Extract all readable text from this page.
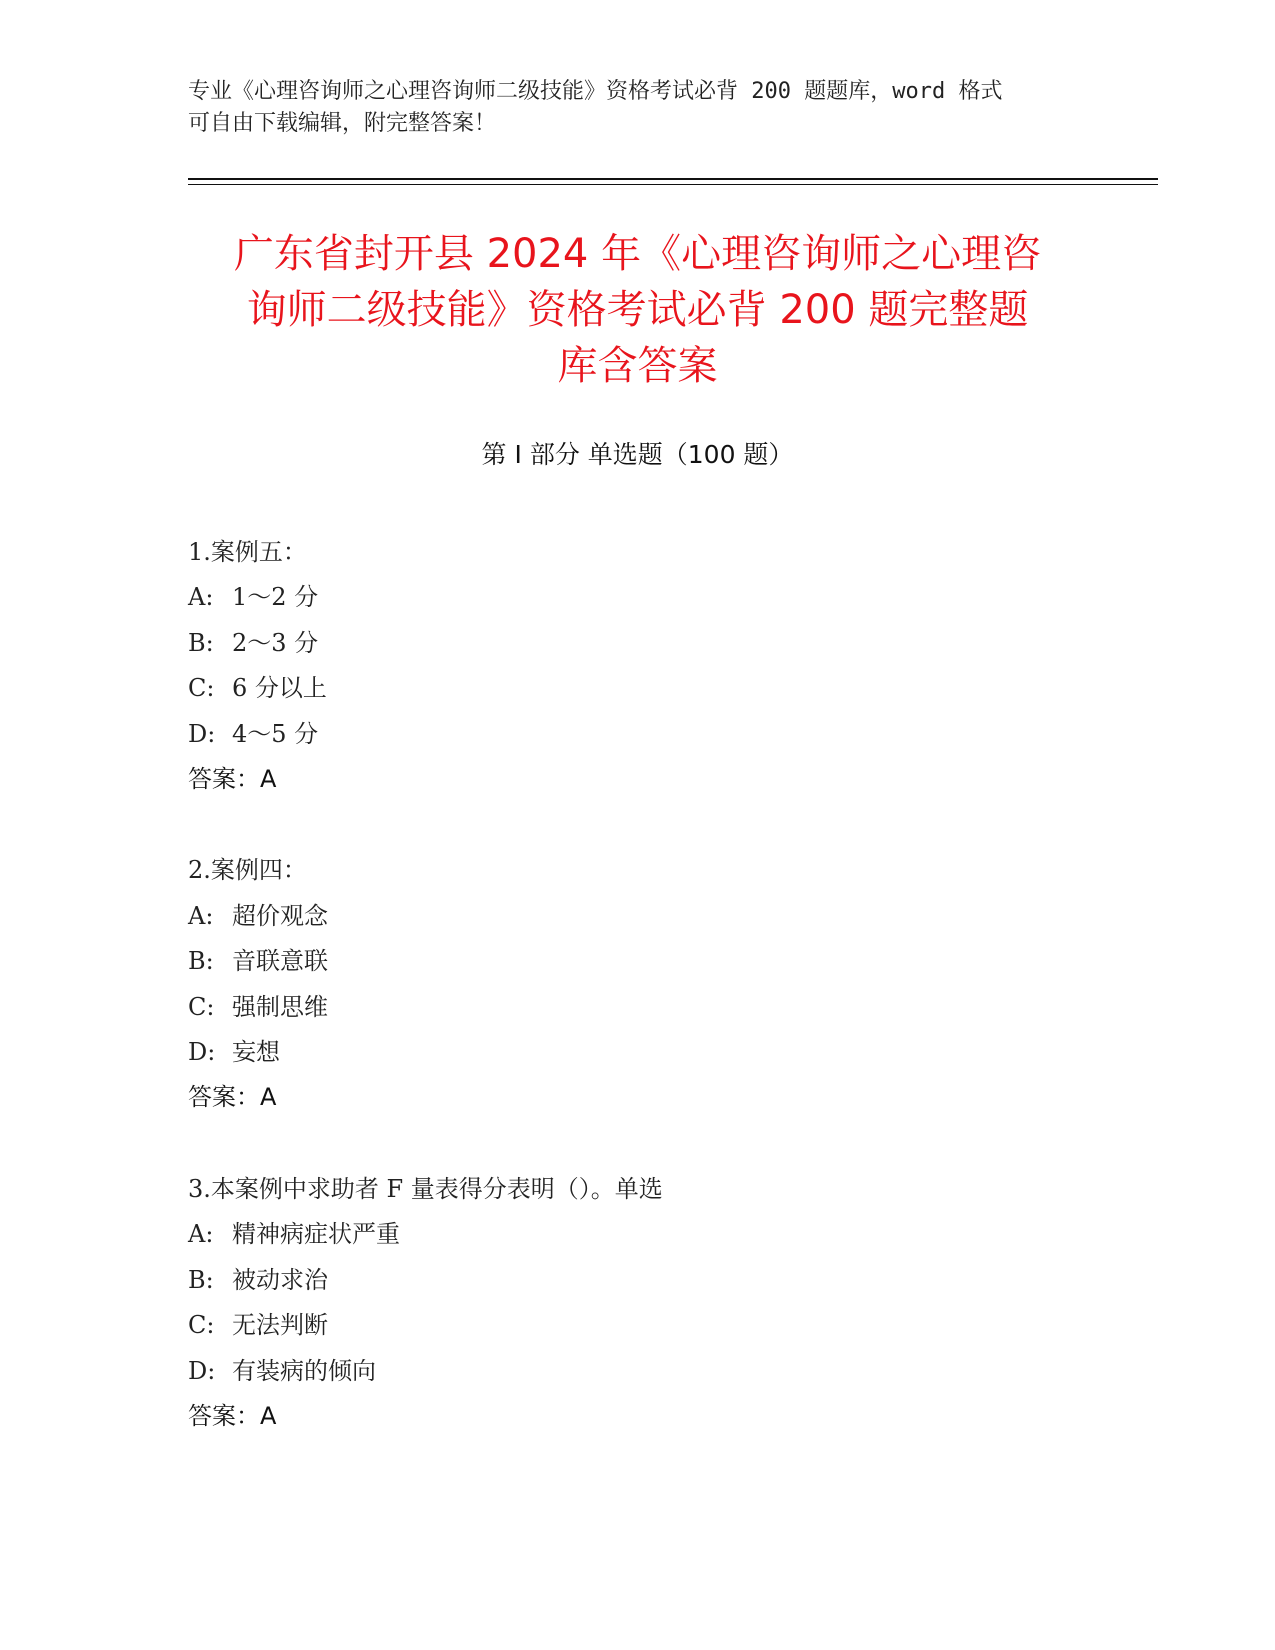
专业《心理咨询师之心理咨询师二级技能》资格考试必背 200 题题库，word 格式
可自由下载编辑，附完整答案！
广东省封开县 2024 年《心理咨询师之心理咨
询师二级技能》资格考试必背 200 题完整题
库含答案
第 I 部分 单选题（100 题）
1.案例五：
A: 1～2 分
B: 2～3 分
C: 6 分以上
D: 4～5 分
答案：A
2.案例四：
A: 超价观念
B: 音联意联
C: 强制思维
D: 妄想
答案：A
3.本案例中求助者 F 量表得分表明（）。单选
A: 精神病症状严重
B: 被动求治
C: 无法判断
D: 有装病的倾向
答案：A
